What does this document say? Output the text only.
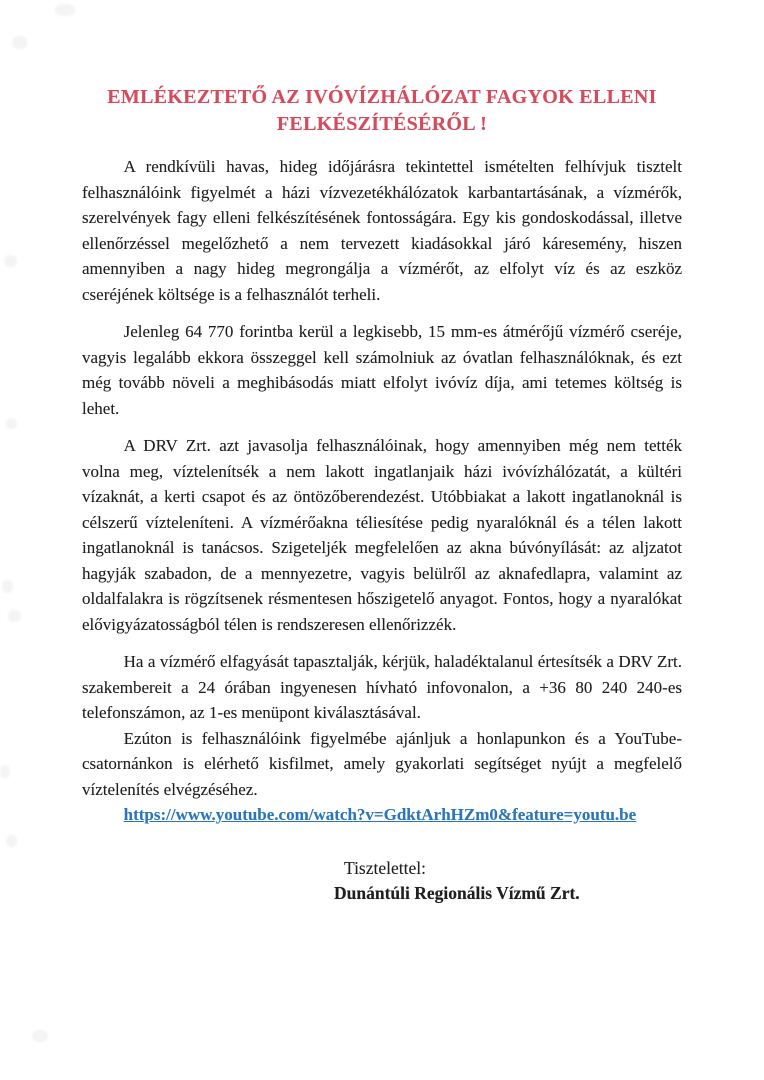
EMLÉKEZTETŐ AZ IVÓVÍZHÁLÓZAT FAGYOK ELLENI
FELKÉSZÍTÉSÉRŐL !

A rendkívüli havas, hideg időjárásra tekintettel ismételten felhívjuk tisztelt felhasználóink figyelmét a házi vízvezetékhálózatok karbantartásának, a vízmérők, szerelvények fagy elleni felkészítésének fontosságára. Egy kis gondoskodással, illetve ellenőrzéssel megelőzhető a nem tervezett kiadásokkal járó káresemény, hiszen amennyiben a nagy hideg megrongálja a vízmérőt, az elfolyt víz és az eszköz cseréjének költsége is a felhasználót terheli.

Jelenleg 64 770 forintba kerül a legkisebb, 15 mm-es átmérőjű vízmérő cseréje, vagyis legalább ekkora összeggel kell számolniuk az óvatlan felhasználóknak, és ezt még tovább növeli a meghibásodás miatt elfolyt ivóvíz díja, ami tetemes költség is lehet.

A DRV Zrt. azt javasolja felhasználóinak, hogy amennyiben még nem tették volna meg, víztelenítsék a nem lakott ingatlanjaik házi ivóvízhálózatát, a kültéri vízaknát, a kerti csapot és az öntözőberendezést. Utóbbiakat a lakott ingatlanoknál is célszerű vízteleníteni. A vízmérőakna téliesítése pedig nyaralóknál és a télen lakott ingatlanoknál is tanácsos. Szigeteljék megfelelően az akna búvónyílását: az aljzatot hagyják szabadon, de a mennyezetre, vagyis belülről az aknafedlapra, valamint az oldalfalakra is rögzítsenek résmentesen hőszigetelő anyagot. Fontos, hogy a nyaralókat elővigyázatosságból télen is rendszeresen ellenőrizzék.

Ha a vízmérő elfagyását tapasztalják, kérjük, haladéktalanul értesítsék a DRV Zrt. szakembereit a 24 órában ingyenesen hívható infovonalon, a +36 80 240 240-es telefonszámon, az 1-es menüpont kiválasztásával.

Ezúton is felhasználóink figyelmébe ajánljuk a honlapunkon és a YouTube-csatornánkon is elérhető kisfilmet, amely gyakorlati segítséget nyújt a megfelelő víztelenítés elvégzéséhez.

https://www.youtube.com/watch?v=GdktArhHZm0&feature=youtu.be

Tisztelettel:
Dunántúli Regionális Vízmű Zrt.
